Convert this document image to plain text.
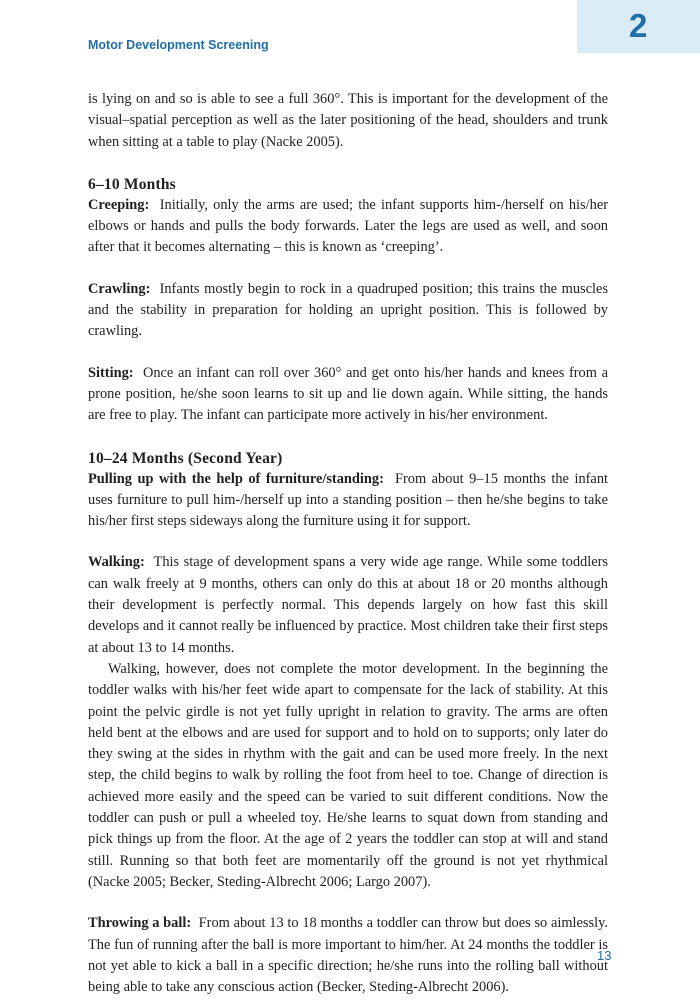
Motor Development Screening
2

is lying on and so is able to see a full 360°. This is important for the development of the visual–spatial perception as well as the later positioning of the head, shoulders and trunk when sitting at a table to play (Nacke 2005).

6–10 Months

Creeping: Initially, only the arms are used; the infant supports him-/herself on his/her elbows or hands and pulls the body forwards. Later the legs are used as well, and soon after that it becomes alternating – this is known as ‘creeping’.

Crawling: Infants mostly begin to rock in a quadruped position; this trains the muscles and the stability in preparation for holding an upright position. This is followed by crawling.

Sitting: Once an infant can roll over 360° and get onto his/her hands and knees from a prone position, he/she soon learns to sit up and lie down again. While sitting, the hands are free to play. The infant can participate more actively in his/her environment.

10–24 Months (Second Year)

Pulling up with the help of furniture/standing: From about 9–15 months the infant uses furniture to pull him-/herself up into a standing position – then he/she begins to take his/her first steps sideways along the furniture using it for support.

Walking: This stage of development spans a very wide age range. While some toddlers can walk freely at 9 months, others can only do this at about 18 or 20 months although their development is perfectly normal. This depends largely on how fast this skill develops and it cannot really be influenced by practice. Most children take their first steps at about 13 to 14 months.

Walking, however, does not complete the motor development. In the beginning the toddler walks with his/her feet wide apart to compensate for the lack of stability. At this point the pelvic girdle is not yet fully upright in relation to gravity. The arms are often held bent at the elbows and are used for support and to hold on to supports; only later do they swing at the sides in rhythm with the gait and can be used more freely. In the next step, the child begins to walk by rolling the foot from heel to toe. Change of direction is achieved more easily and the speed can be varied to suit different conditions. Now the toddler can push or pull a wheeled toy. He/she learns to squat down from standing and pick things up from the floor. At the age of 2 years the toddler can stop at will and stand still. Running so that both feet are momentarily off the ground is not yet rhythmical (Nacke 2005; Becker, Steding-Albrecht 2006; Largo 2007).

Throwing a ball: From about 13 to 18 months a toddler can throw but does so aimlessly. The fun of running after the ball is more important to him/her. At 24 months the toddler is not yet able to kick a ball in a specific direction; he/she runs into the rolling ball without being able to take any conscious action (Becker, Steding-Albrecht 2006).

13
